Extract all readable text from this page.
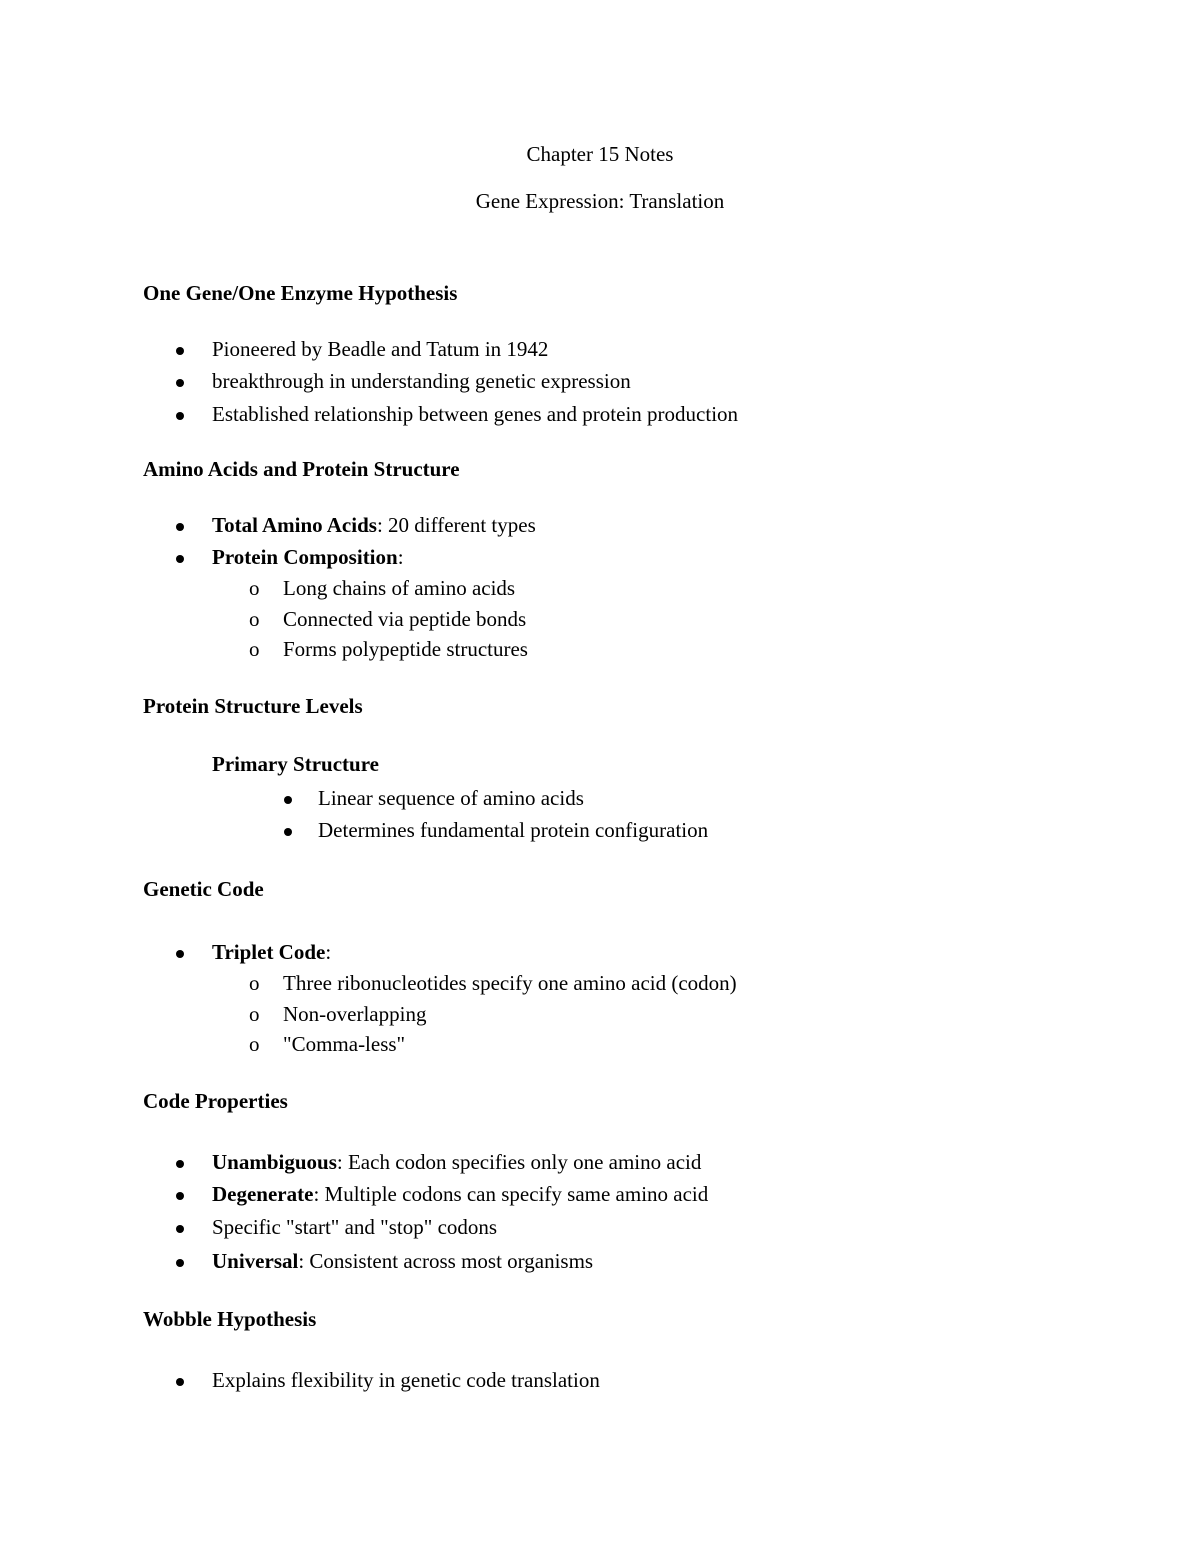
Chapter 15 Notes
Gene Expression: Translation
One Gene/One Enzyme Hypothesis
Pioneered by Beadle and Tatum in 1942
breakthrough in understanding genetic expression
Established relationship between genes and protein production
Amino Acids and Protein Structure
Total Amino Acids: 20 different types
Protein Composition:
o Long chains of amino acids
o Connected via peptide bonds
o Forms polypeptide structures
Protein Structure Levels
Primary Structure
Linear sequence of amino acids
Determines fundamental protein configuration
Genetic Code
Triplet Code:
o Three ribonucleotides specify one amino acid (codon)
o Non-overlapping
o "Comma-less"
Code Properties
Unambiguous: Each codon specifies only one amino acid
Degenerate: Multiple codons can specify same amino acid
Specific "start" and "stop" codons
Universal: Consistent across most organisms
Wobble Hypothesis
Explains flexibility in genetic code translation
